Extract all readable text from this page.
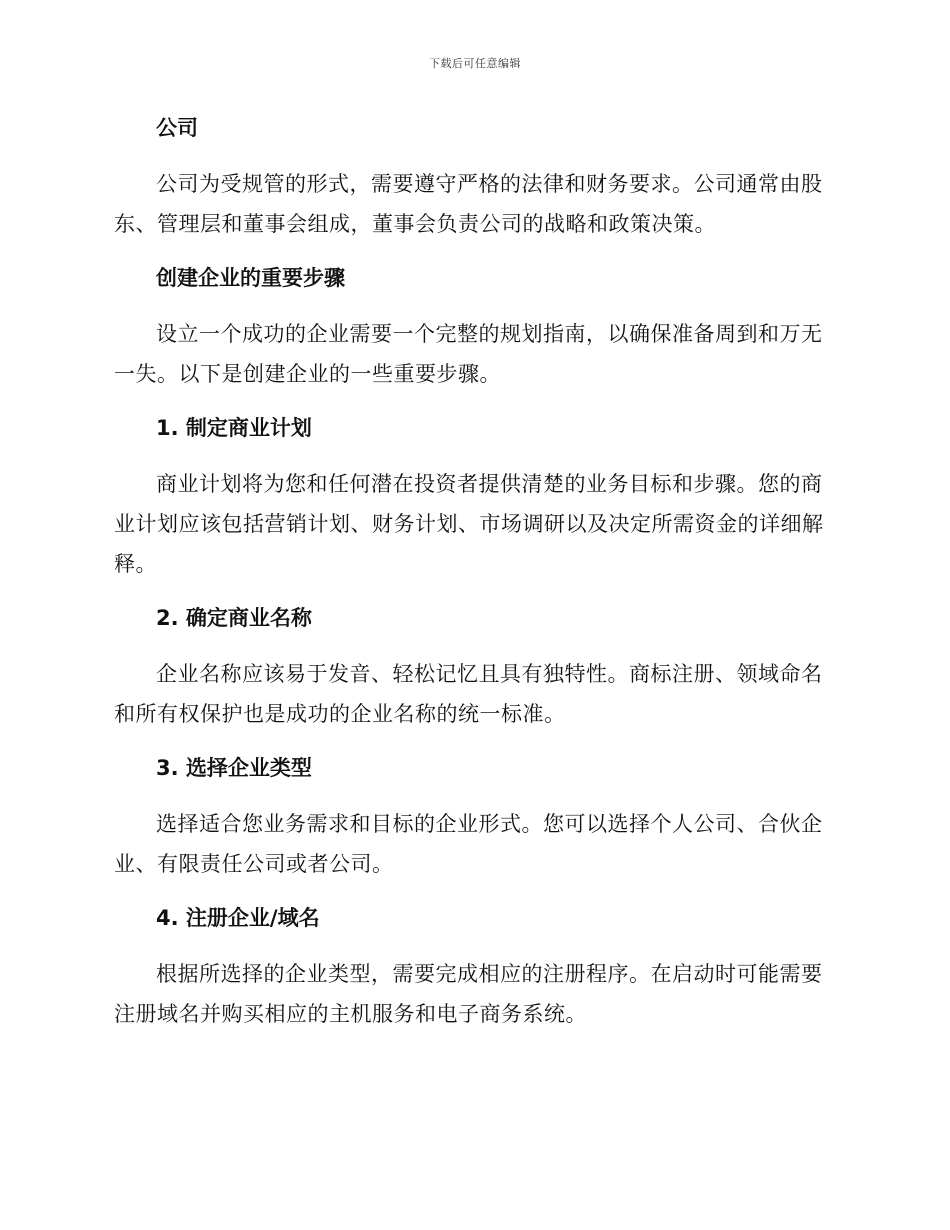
下载后可任意编辑
公司
公司为受规管的形式，需要遵守严格的法律和财务要求。公司通常由股东、管理层和董事会组成，董事会负责公司的战略和政策决策。
创建企业的重要步骤
设立一个成功的企业需要一个完整的规划指南，以确保准备周到和万无一失。以下是创建企业的一些重要步骤。
1. 制定商业计划
商业计划将为您和任何潜在投资者提供清楚的业务目标和步骤。您的商业计划应该包括营销计划、财务计划、市场调研以及决定所需资金的详细解释。
2. 确定商业名称
企业名称应该易于发音、轻松记忆且具有独特性。商标注册、领域命名和所有权保护也是成功的企业名称的统一标准。
3. 选择企业类型
选择适合您业务需求和目标的企业形式。您可以选择个人公司、合伙企业、有限责任公司或者公司。
4. 注册企业/域名
根据所选择的企业类型，需要完成相应的注册程序。在启动时可能需要注册域名并购买相应的主机服务和电子商务系统。
